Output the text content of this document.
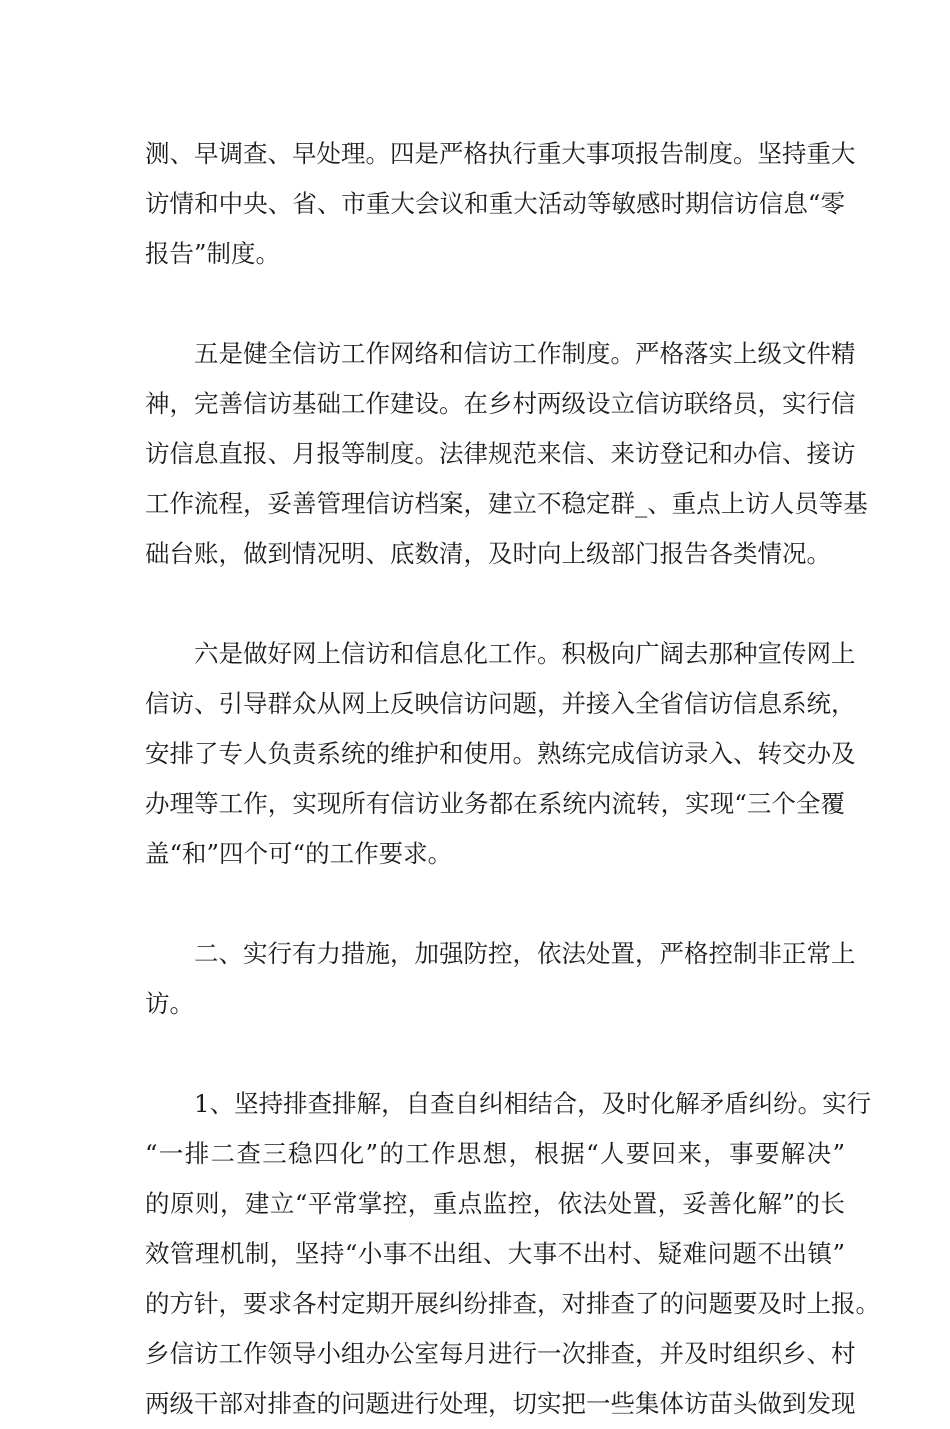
测、早调查、早处理。四是严格执行重大事项报告制度。坚持重大
访情和中央、省、市重大会议和重大活动等敏感时期信访信息“零
报告”制度。
五是健全信访工作网络和信访工作制度。严格落实上级文件精
神，完善信访基础工作建设。在乡村两级设立信访联络员，实行信
访信息直报、月报等制度。法律规范来信、来访登记和办信、接访
工作流程，妥善管理信访档案，建立不稳定群_、重点上访人员等基
础台账，做到情况明、底数清，及时向上级部门报告各类情况。
六是做好网上信访和信息化工作。积极向广阔去那种宣传网上
信访、引导群众从网上反映信访问题，并接入全省信访信息系统，
安排了专人负责系统的维护和使用。熟练完成信访录入、转交办及
办理等工作，实现所有信访业务都在系统内流转，实现“三个全覆
盖“和”四个可“的工作要求。
二、实行有力措施，加强防控，依法处置，严格控制非正常上
访。
1、坚持排查排解，自查自纠相结合，及时化解矛盾纠纷。实行
“一排二查三稳四化”的工作思想，根据“人要回来，事要解决”
的原则，建立“平常掌控，重点监控，依法处置，妥善化解”的长
效管理机制，坚持“小事不出组、大事不出村、疑难问题不出镇”
的方针，要求各村定期开展纠纷排查，对排查了的问题要及时上报。
乡信访工作领导小组办公室每月进行一次排查，并及时组织乡、村
两级干部对排查的问题进行处理，切实把一些集体访苗头做到发现
